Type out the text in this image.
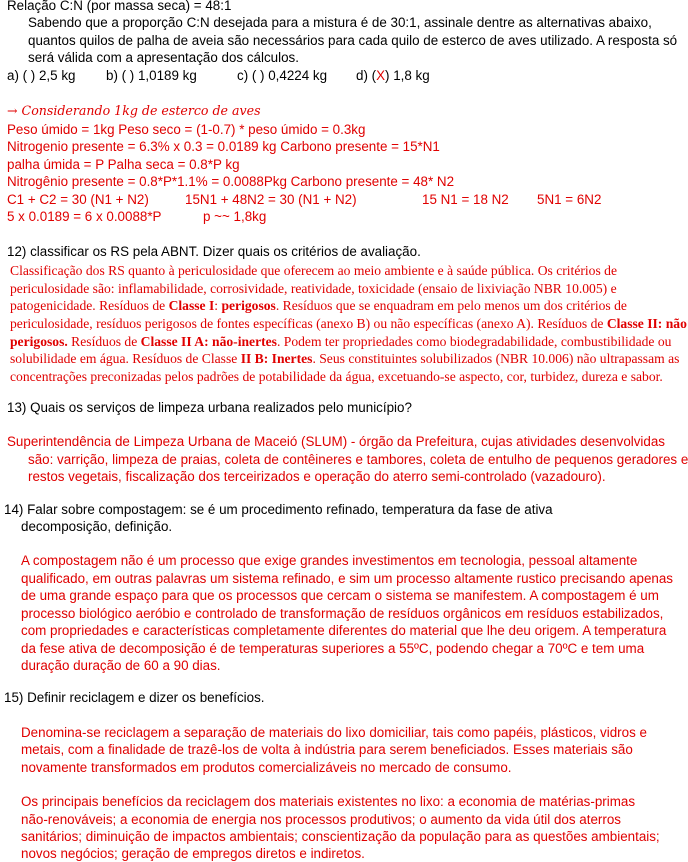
Relação C:N (por massa seca) = 48:1
Sabendo que a proporção C:N desejada para a mistura é de 30:1, assinale dentre as alternativas abaixo,
quantos quilos de palha de aveia são necessários para cada quilo de esterco de aves utilizado. A resposta só
será válida com a apresentação dos cálculos.
a) ( ) 2,5 kg b) ( ) 1,0189 kg	c) ( ) 0,4224 kg d) (X) 1,8 kg
→ Considerando 1kg de esterco de aves
Peso úmido = 1kg Peso seco = (1-0.7) * peso úmido = 0.3kg
Nitrogenio presente = 6.3% x 0.3 = 0.0189 kg Carbono presente = 15*N1
palha úmida = P Palha seca = 0.8*P kg
Nitrogênio presente = 0.8*P*1.1% = 0.0088Pkg Carbono presente = 48* N2
C1 + C2 = 30 (N1 + N2)	15N1 + 48N2 = 30 (N1 + N2)	15 N1 = 18 N2 5N1 = 6N2
5 x 0.0189 = 6 x 0.0088*P	p ~~ 1,8kg
12) classificar os RS pela ABNT. Dizer quais os critérios de avaliação.
Classificação dos RS quanto à periculosidade que oferecem ao meio ambiente e à saúde pública. Os critérios de
periculosidade são: inflamabilidade, corrosividade, reatividade, toxicidade (ensaio de lixiviação NBR 10.005) e
patogenicidade. Resíduos de Classe I: perigosos. Resíduos que se enquadram em pelo menos um dos critérios de
periculosidade, resíduos perigosos de fontes específicas (anexo B) ou não específicas (anexo A). Resíduos de Classe II: não
perigosos. Resíduos de Classe II A: não-inertes. Podem ter propriedades como biodegradabilidade, combustibilidade ou
solubilidade em água. Resíduos de Classe II B: Inertes. Seus constituintes solubilizados (NBR 10.006) não ultrapassam as
concentrações preconizadas pelos padrões de potabilidade da água, excetuando-se aspecto, cor, turbidez, dureza e sabor.
13) Quais os serviços de limpeza urbana realizados pelo município?
Superintendência de Limpeza Urbana de Maceió (SLUM) - órgão da Prefeitura, cujas atividades desenvolvidas
são: varrição, limpeza de praias, coleta de contêineres e tambores, coleta de entulho de pequenos geradores e
restos vegetais, fiscalização dos terceirizados e operação do aterro semi-controlado (vazadouro).
14) Falar sobre compostagem: se é um procedimento refinado, temperatura da fase de ativa
decomposição, definição.
A compostagem não é um processo que exige grandes investimentos em tecnologia, pessoal altamente
qualificado, em outras palavras um sistema refinado, e sim um processo altamente rustico precisando apenas
de uma grande espaço para que os processos que cercam o sistema se manifestem. A compostagem é um
processo biológico aeróbio e controlado de transformação de resíduos orgânicos em resíduos estabilizados,
com propriedades e características completamente diferentes do material que lhe deu origem. A temperatura
da fese ativa de decomposição é de temperaturas superiores a 55ºC, podendo chegar a 70ºC e tem uma
duração duração de 60 a 90 dias.
15) Definir reciclagem e dizer os benefícios.
Denomina-se reciclagem a separação de materiais do lixo domiciliar, tais como papéis, plásticos, vidros e
metais, com a finalidade de trazê-los de volta à indústria para serem beneficiados. Esses materiais são
novamente transformados em produtos comercializáveis no mercado de consumo.
Os principais benefícios da reciclagem dos materiais existentes no lixo: a economia de matérias-primas
não-renováveis; a economia de energia nos processos produtivos; o aumento da vida útil dos aterros
sanitários; diminuição de impactos ambientais; conscientização da população para as questões ambientais;
novos negócios; geração de empregos diretos e indiretos.
